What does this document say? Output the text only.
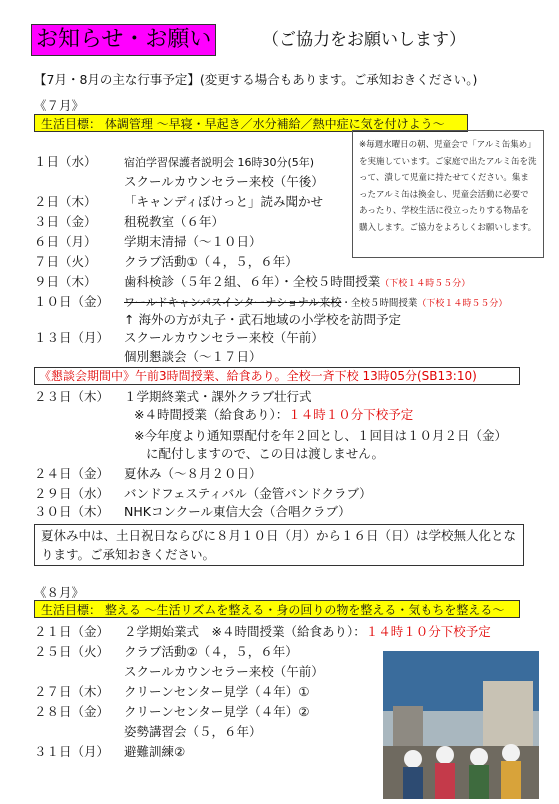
お知らせ・お願い	（ご協力をお願いします）
【7月・8月の主な行事予定】(変更する場合もあります。ご承知おきください。)
《７月》
生活目標： 体調管理 ～早寝・早起き／水分補給／熱中症に気を付けよう～
※毎週水曜日の朝、児童会で「アルミ缶集め」を実施しています。ご家庭で出たアルミ缶を洗って、潰して児童に持たせてください。集まったアルミ缶は換金し、児童会活動に必要であったり、学校生活に役立ったりする物品を購入します。ご協力をよろしくお願いします。
１日（水） 宿泊学習保護者説明会 16時30分(5年)
スクールカウンセラー来校（午後）
２日（木） 「キャンディぼけっと」読み聞かせ
３日（金） 租税教室（６年）
６日（月） 学期末清掃（～１０日）
７日（火） クラブ活動①（４，５，６年）
９日（木） 歯科検診（５年２組、６年）・全校５時間授業（下校１４時５５分）
１０日（金） ワールドキャンパスインターナショナル来校・全校５時間授業（下校１４時５５分）
↑ 海外の方が丸子・武石地域の小学校を訪問予定
１３日（月） スクールカウンセラー来校（午前）
個別懇談会（～１７日）
《懇談会期間中》午前3時間授業、給食あり。全校一斉下校 13時05分(SB13:10)
２３日（木） １学期終業式・課外クラブ壮行式
※４時間授業（給食あり）：１４時１０分下校予定
※今年度より通知票配付を年２回とし、１回目は１０月２日（金）
に配付しますので、この日は渡しません。
２４日（金） 夏休み（～８月２０日）
２９日（水） バンドフェスティバル（金管バンドクラブ）
３０日（木） NHKコンクール東信大会（合唱クラブ）
夏休み中は、土日祝日ならびに８月１０日（月）から１６日（日）は学校無人化となります。ご承知おきください。
《８月》
生活目標： 整える ～生活リズムを整える・身の回りの物を整える・気もちを整える～
２１日（金） ２学期始業式　※４時間授業（給食あり）：１４時１０分下校予定
２５日（火） クラブ活動②（４，５，６年）
スクールカウンセラー来校（午前）
２７日（木） クリーンセンター見学（４年）①
２８日（金） クリーンセンター見学（４年）②
姿勢講習会（５，６年）
３１日（月） 避難訓練②
